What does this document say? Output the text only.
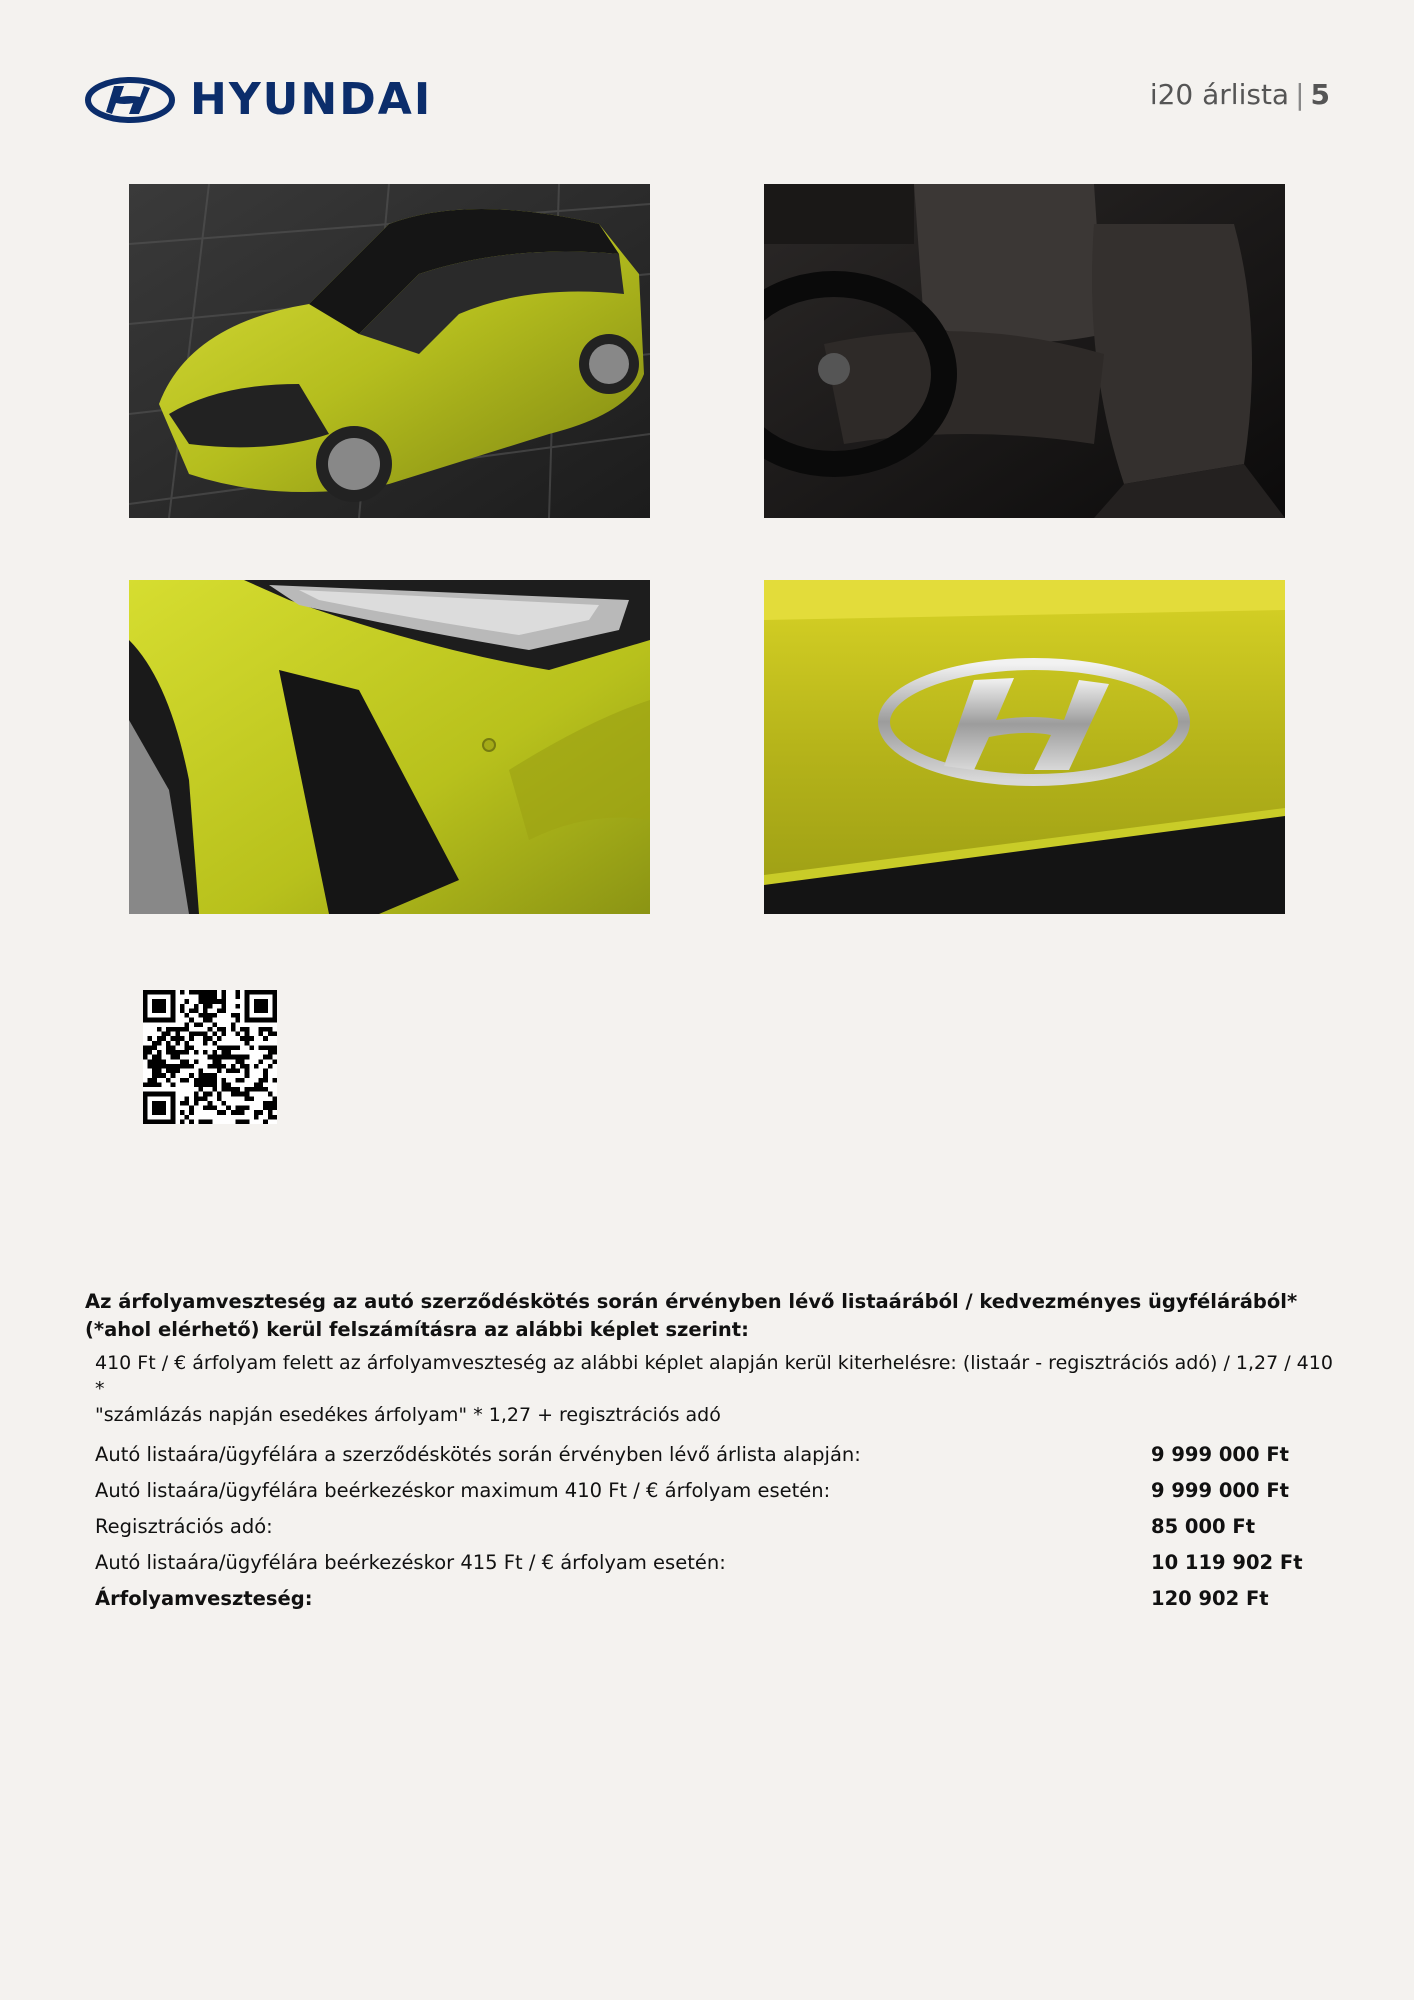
HYUNDAI	i20 árlista | 5
Az árfolyamveszteség az autó szerződéskötés során érvényben lévő listaárából / kedvezményes ügyfélárából* (*ahol elérhető) kerül felszámításra az alábbi képlet szerint:
410 Ft / € árfolyam felett az árfolyamveszteség az alábbi képlet alapján kerül kiterhelésre: (listaár - regisztrációs adó) / 1,27 / 410 *
"számlázás napján esedékes árfolyam" * 1,27 + regisztrációs adó
Autó listaára/ügyfélára a szerződéskötés során érvényben lévő árlista alapján:	9 999 000 Ft
Autó listaára/ügyfélára beérkezéskor maximum 410 Ft / € árfolyam esetén:	9 999 000 Ft
Regisztrációs adó:	85 000 Ft
Autó listaára/ügyfélára beérkezéskor 415 Ft / € árfolyam esetén:	10 119 902 Ft
Árfolyamveszteség:	120 902 Ft
